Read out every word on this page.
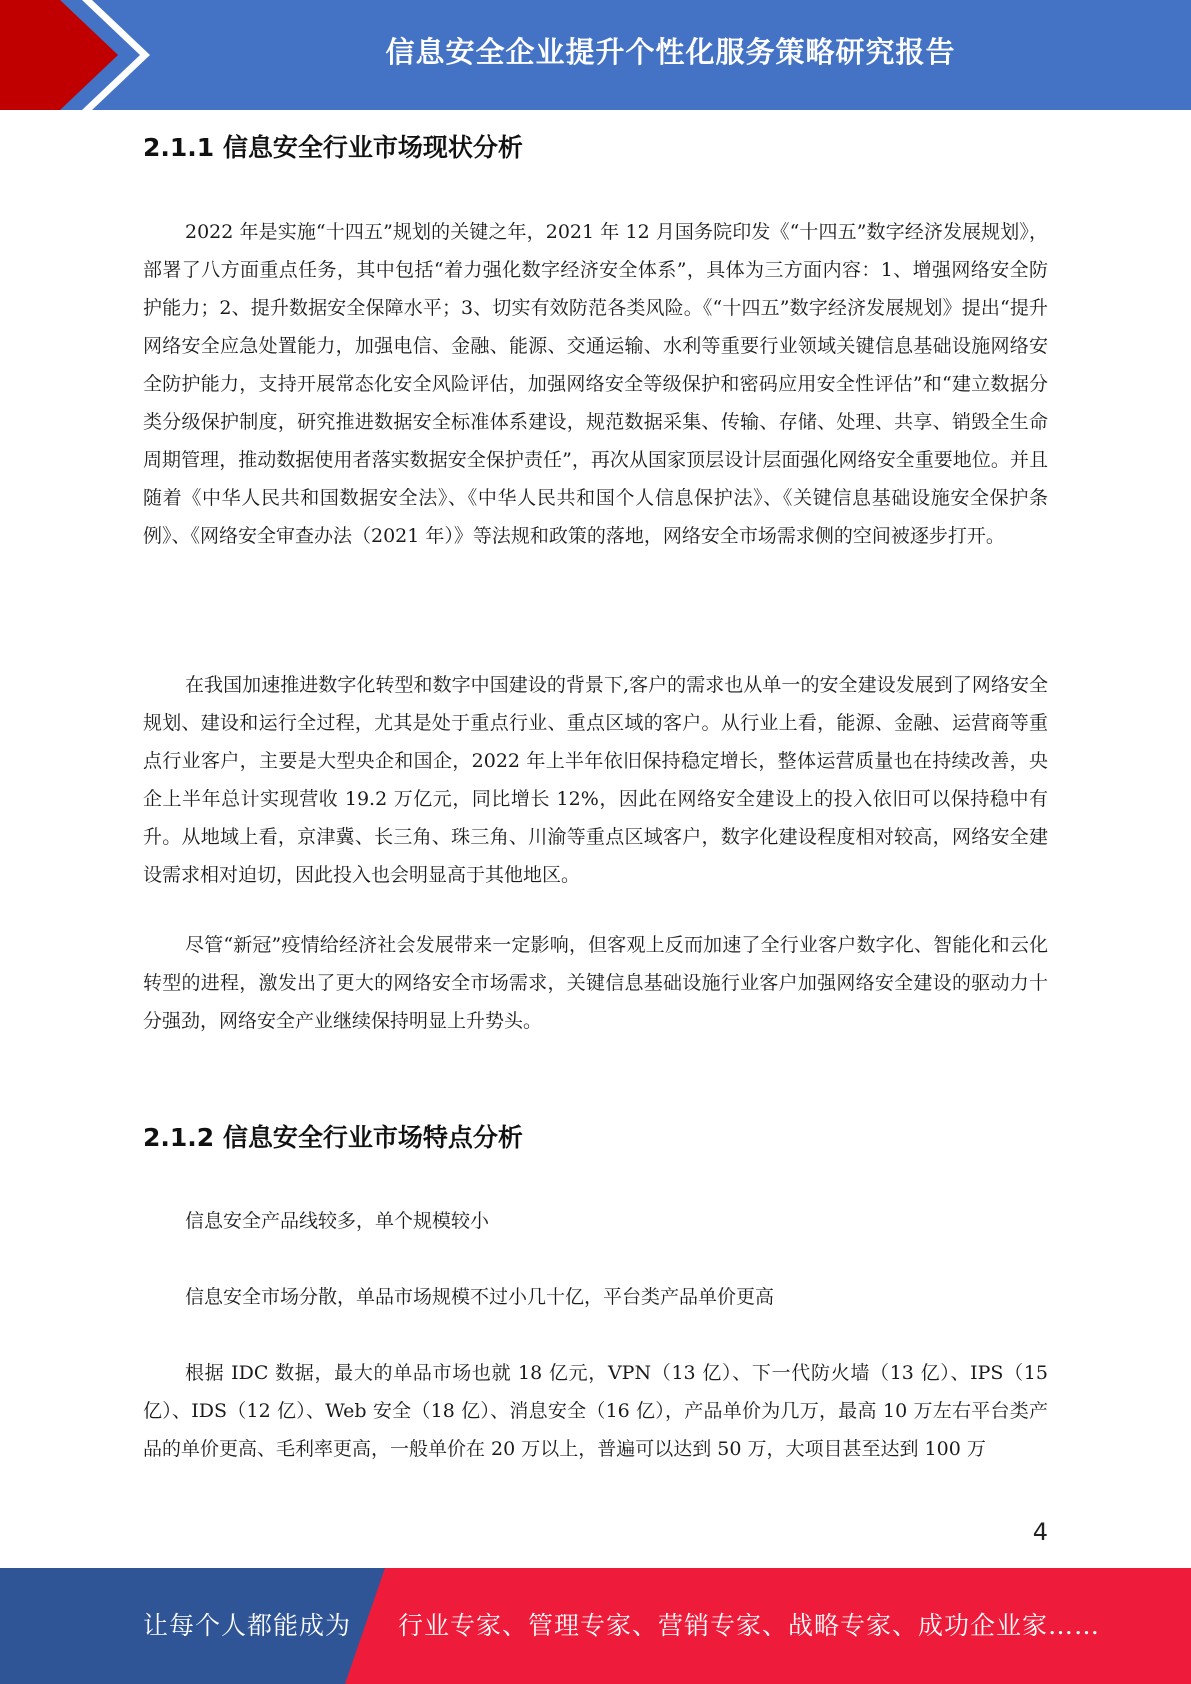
信息安全企业提升个性化服务策略研究报告
2.1.1 信息安全行业市场现状分析

2022 年是实施“十四五”规划的关键之年，2021 年 12 月国务院印发《“十四五”数字经济发展规划》，部署了八方面重点任务，其中包括“着力强化数字经济安全体系”，具体为三方面内容：1、增强网络安全防护能力；2、提升数据安全保障水平；3、切实有效防范各类风险。《“十四五”数字经济发展规划》提出“提升网络安全应急处置能力，加强电信、金融、能源、交通运输、水利等重要行业领域关键信息基础设施网络安全防护能力，支持开展常态化安全风险评估，加强网络安全等级保护和密码应用安全性评估”和“建立数据分类分级保护制度，研究推进数据安全标准体系建设，规范数据采集、传输、存储、处理、共享、销毁全生命周期管理，推动数据使用者落实数据安全保护责任”，再次从国家顶层设计层面强化网络安全重要地位。并且随着《中华人民共和国数据安全法》、《中华人民共和国个人信息保护法》、《关键信息基础设施安全保护条例》、《网络安全审查办法（2021 年）》等法规和政策的落地，网络安全市场需求侧的空间被逐步打开。

在我国加速推进数字化转型和数字中国建设的背景下,客户的需求也从单一的安全建设发展到了网络安全规划、建设和运行全过程，尤其是处于重点行业、重点区域的客户。从行业上看，能源、金融、运营商等重点行业客户，主要是大型央企和国企，2022 年上半年依旧保持稳定增长，整体运营质量也在持续改善，央企上半年总计实现营收 19.2 万亿元，同比增长 12%，因此在网络安全建设上的投入依旧可以保持稳中有升。从地域上看，京津冀、长三角、珠三角、川渝等重点区域客户，数字化建设程度相对较高，网络安全建设需求相对迫切，因此投入也会明显高于其他地区。

尽管“新冠”疫情给经济社会发展带来一定影响，但客观上反而加速了全行业客户数字化、智能化和云化转型的进程，激发出了更大的网络安全市场需求，关键信息基础设施行业客户加强网络安全建设的驱动力十分强劲，网络安全产业继续保持明显上升势头。

2.1.2 信息安全行业市场特点分析

信息安全产品线较多，单个规模较小

信息安全市场分散，单品市场规模不过小几十亿，平台类产品单价更高

根据 IDC 数据，最大的单品市场也就 18 亿元，VPN（13 亿）、下一代防火墙（13 亿）、IPS（15 亿）、IDS（12 亿）、Web 安全（18 亿）、消息安全（16 亿），产品单价为几万，最高 10 万左右平台类产品的单价更高、毛利率更高，一般单价在 20 万以上，普遍可以达到 50 万，大项目甚至达到 100 万

4
让每个人都能成为 行业专家、管理专家、营销专家、战略专家、成功企业家……
